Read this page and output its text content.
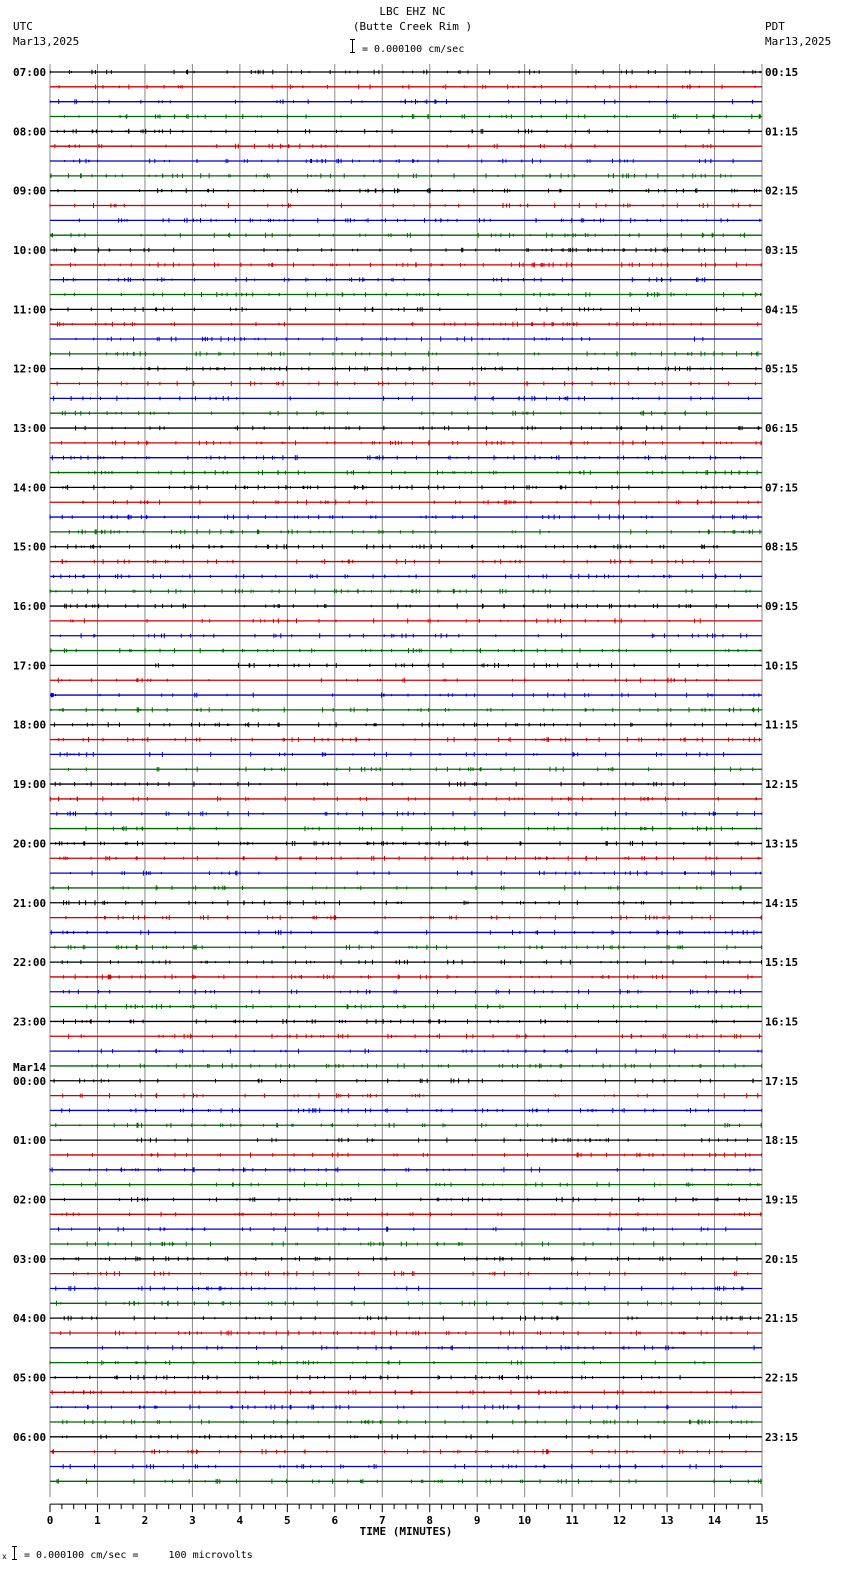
UTC
Mar13,2025
LBC EHZ NC
(Butte Creek Rim )
= 0.000100 cm/sec
PDT
Mar13,2025
07:00	00:15
08:00	01:15
09:00	02:15
10:00	03:15
11:00	04:15
12:00	05:15
13:00	06:15
14:00	07:15
15:00	08:15
16:00	09:15
17:00	10:15
18:00	11:15
19:00	12:15
20:00	13:15
21:00	14:15
22:00	15:15
23:00	16:15
00:00	17:15
Mar14
01:00	18:15
02:00	19:15
03:00	20:15
04:00	21:15
05:00	22:15
06:00	23:15
0	1	2	3	4	5	6	7	8	9	10	11	12	13	14	15
TIME (MINUTES)
x = 0.000100 cm/sec =     100 microvolts
